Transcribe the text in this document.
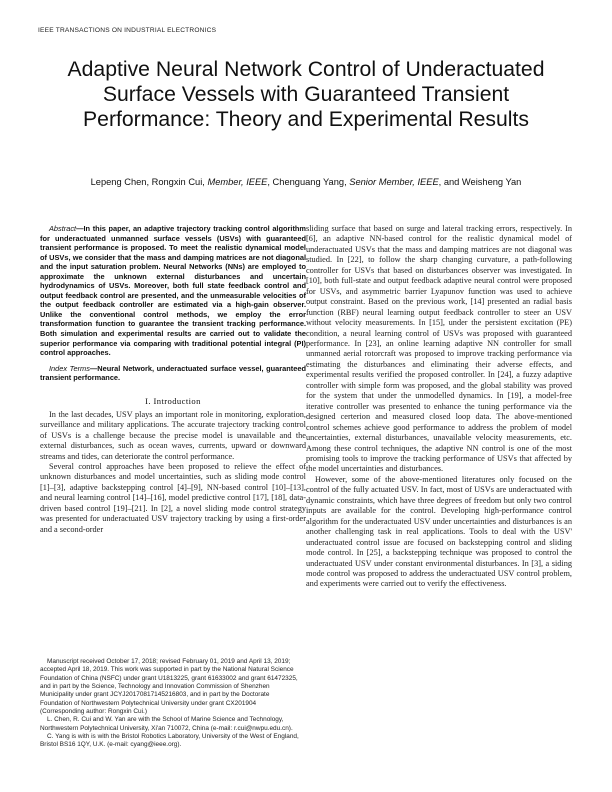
IEEE TRANSACTIONS ON INDUSTRIAL ELECTRONICS
Adaptive Neural Network Control of Underactuated Surface Vessels with Guaranteed Transient Performance: Theory and Experimental Results
Lepeng Chen, Rongxin Cui, Member, IEEE, Chenguang Yang, Senior Member, IEEE, and Weisheng Yan

Abstract—In this paper, an adaptive trajectory tracking control algorithm for underactuated unmanned surface vessels (USVs) with guaranteed transient performance is proposed. To meet the realistic dynamical model of USVs, we consider that the mass and damping matrices are not diagonal and the input saturation problem. Neural Networks (NNs) are employed to approximate the unknown external disturbances and uncertain hydrodynamics of USVs. Moreover, both full state feedback control and output feedback control are presented, and the unmeasurable velocities of the output feedback controller are estimated via a high-gain observer. Unlike the conventional control methods, we employ the error transformation function to guarantee the transient tracking performance. Both simulation and experimental results are carried out to validate the superior performance via comparing with traditional potential integral (PI) control approaches.

Index Terms—Neural Network, underactuated surface vessel, guaranteed transient performance.

I. Introduction

In the last decades, USV plays an important role in monitoring, exploration, surveillance and military applications. The accurate trajectory tracking control of USVs is a challenge because the precise model is unavailable and the external disturbances, such as ocean waves, currents, upward or downward streams and tides, can deteriorate the control performance.

Several control approaches have been proposed to relieve the effect of unknown disturbances and model uncertainties, such as sliding mode control [1]–[3], adaptive backstepping control [4]–[9], NN-based control [10]–[13], and neural learning control [14]–[16], model predictive control [17], [18], data-driven based control [19]–[21]. In [2], a novel sliding mode control strategy was presented for underactuated USV trajectory tracking by using a first-order and a second-order

sliding surface that based on surge and lateral tracking errors, respectively. In [6], an adaptive NN-based control for the realistic dynamical model of underactuated USVs that the mass and damping matrices are not diagonal was studied. In [22], to follow the sharp changing curvature, a path-following controller for USVs that based on disturbances observer was investigated. In [10], both full-state and output feedback adaptive neural control were proposed for USVs, and asymmetric barrier Lyapunov function was used to achieve output constraint. Based on the previous work, [14] presented an radial basis function (RBF) neural learning output feedback controller to steer an USV without velocity measurements. In [15], under the persistent excitation (PE) condition, a neural learning control of USVs was proposed with guaranteed performance. In [23], an online learning adaptive NN controller for small unmanned aerial rotorcraft was proposed to improve tracking performance via estimating the disturbances and eliminating their adverse effects, and experimental results verified the proposed controller. In [24], a fuzzy adaptive controller with simple form was proposed, and the global stability was proved for the system that under the unmodelled dynamics. In [19], a model-free iterative controller was presented to enhance the tuning performance via the designed certerion and measured closed loop data. The above-mentioned control schemes achieve good performance to address the problem of model uncertainties, external disturbances, unavailable velocity measurements, etc. Among these control techniques, the adaptive NN control is one of the most promising tools to improve the tracking performance of USVs that affected by the model uncertainties and disturbances.

However, some of the above-mentioned literatures only focused on the control of the fully actuated USV. In fact, most of USVs are underactuated with dynamic constraints, which have three degrees of freedom but only two control inputs are available for the control. Developing high-performance control algorithm for the underactuated USV under uncertainties and disturbances is an another challenging task in real applications. Tools to deal with the USV' underactuated control issue are focused on backstepping control and sliding mode control. In [25], a backstepping technique was proposed to control the underactuated USV under constant environmental disturbances. In [3], a siding mode control was proposed to address the underactuated USV control problem, and experiments were carried out to verify the effectiveness.

Manuscript received October 17, 2018; revised February 01, 2019 and April 13, 2019; accepted April 18, 2019. This work was supported in part by the National Natural Science Foundation of China (NSFC) under grant U1813225, grant 61633002 and grant 61472325, and in part by the Science, Technology and Innovation Commission of Shenzhen Municipality under grant JCYJ20170817145216803, and in part by the Doctorate Foundation of Northwestern Polytechnical University under grant CX201904 (Corresponding author: Rongxin Cui.)

L. Chen, R. Cui and W. Yan are with the School of Marine Science and Technology, Northwestern Polytechnical University, Xi'an 710072, China (e-mail: r.cui@nwpu.edu.cn).

C. Yang is with is with the Bristol Robotics Laboratory, University of the West of England, Bristol BS16 1QY, U.K. (e-mail: cyang@ieee.org).
